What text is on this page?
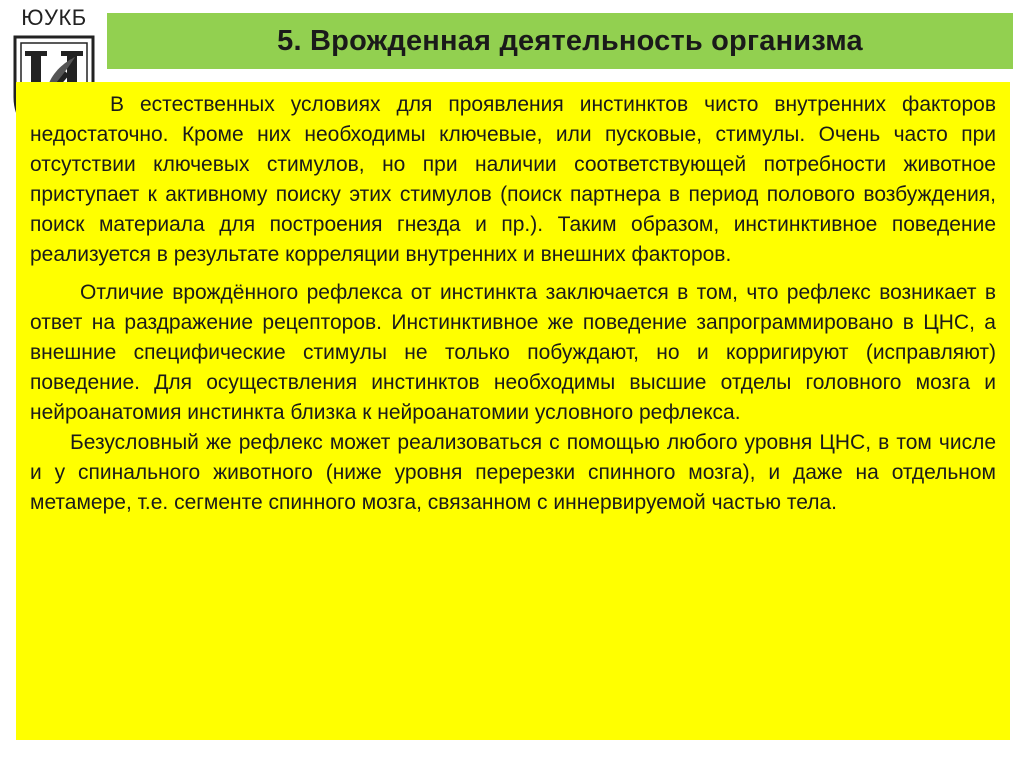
ЮУКБ
5. Врожденная деятельность организма

В естественных условиях для проявления инстинктов чисто внутренних факторов недостаточно. Кроме них необходимы ключевые, или пусковые, стимулы. Очень часто при отсутствии ключевых стимулов, но при наличии соответствующей потребности животное приступает к активному поиску этих стимулов (поиск партнера в период полового возбуждения, поиск материала для построения гнезда и пр.). Таким образом, инстинктивное поведение реализуется в результате корреляции внутренних и внешних факторов.

Отличие врождённого рефлекса от инстинкта заключается в том, что рефлекс возникает в ответ на раздражение рецепторов. Инстинктивное же поведение запрограммировано в ЦНС, а внешние специфические стимулы не только побуждают, но и корригируют (исправляют) поведение. Для осуществления инстинктов необходимы высшие отделы головного мозга и нейроанатомия инстинкта близка к нейроанатомии условного рефлекса.

Безусловный же рефлекс может реализоваться с помощью любого уровня ЦНС, в том числе и у спинального животного (ниже уровня перерезки спинного мозга), и даже на отдельном метамере, т.е. сегменте спинного мозга, связанном с иннервируемой частью тела.
